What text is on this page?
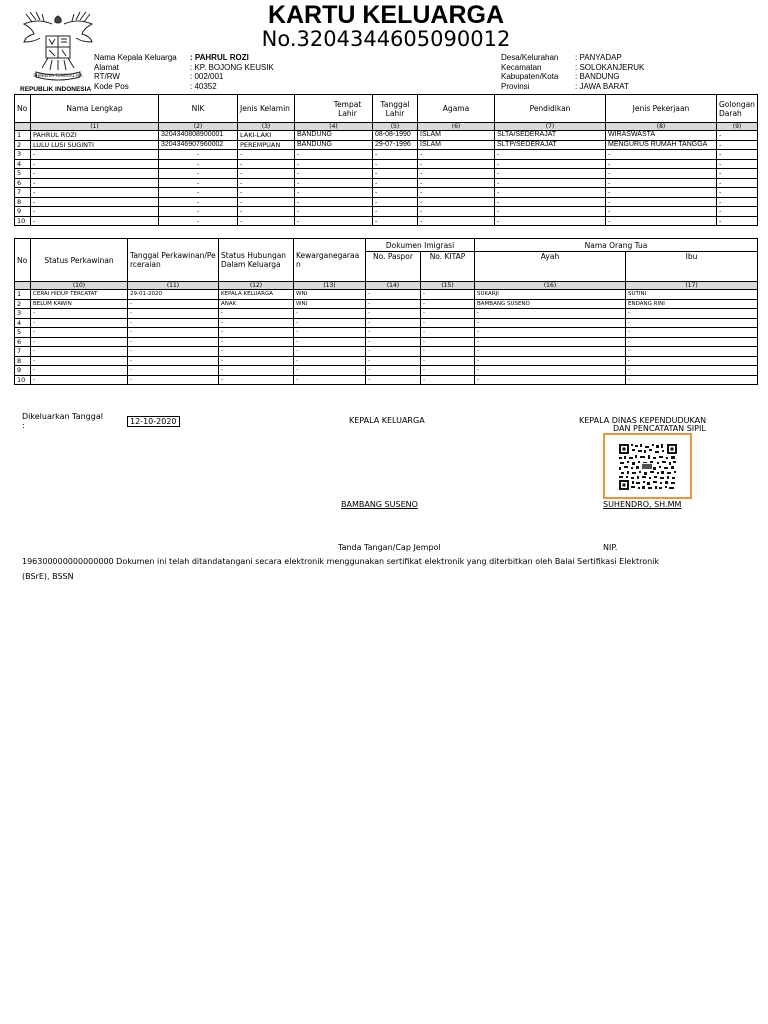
BHINNEKA TUNGGAL IKA
REPUBLIK INDONESIA
KARTU KELUARGA
No.3204344605090012
Nama Kepala Keluarga	: PAHRUL ROZI
Alamat	: KP. BOJONG KEUSIK
RT/RW	: 002/001
Kode Pos	: 40352
Desa/Kelurahan	: PANYADAP
Kecamatan	: SOLOKANJERUK
Kabupaten/Kota	: BANDUNG
Provinsi	: JAWA BARAT
No	Nama Lengkap	NIK	Jenis Kelamin	Tempat Lahir	Tanggal Lahir	Agama	Pendidikan	Jenis Pekerjaan	Golongan Darah
	(1)	(2)	(3)	(4)	(5)	(6)	(7)	(8)	(9)
1	PAHRUL ROZI	3204340808900001	LAKI-LAKI	BANDUNG	08-08-1990	ISLAM	SLTA/SEDERAJAT	WIRASWASTA	-
2	LULU LUSI SUGINTI	3204346907960002	PEREMPUAN	BANDUNG	29-07-1996	ISLAM	SLTP/SEDERAJAT	MENGURUS RUMAH TANGGA	-
3	-	-	-	-	-	-	-	-	-
4	-	-	-	-	-	-	-	-	-
5	-	-	-	-	-	-	-	-	-
6	-	-	-	-	-	-	-	-	-
7	-	-	-	-	-	-	-	-	-
8	-	-	-	-	-	-	-	-	-
9	-	-	-	-	-	-	-	-	-
10	-	-	-	-	-	-	-	-	-
No	Status Perkawinan	Tanggal Perkawinan/Perceraian	Status Hubungan Dalam Keluarga	Kewarganegaraan	Dokumen Imigrasi		Nama Orang Tua	
					No. Paspor	No. KITAP	Ayah	Ibu
	(10)	(11)	(12)	(13)	(14)	(15)	(16)	(17)
1	CERAI HIDUP TERCATAT	29-01-2020	KEPALA KELUARGA	WNI	-	-	SUKARJI	SUTINI
2	BELUM KAWIN	-	ANAK	WNI	-	-	BAMBANG SUSENO	ENDANG RINI
3	-	-	-	-	-	-	-	-
4	-	-	-	-	-	-	-	-
5	-	-	-	-	-	-	-	-
6	-	-	-	-	-	-	-	-
7	-	-	-	-	-	-	-	-
8	-	-	-	-	-	-	-	-
9	-	-	-	-	-	-	-	-
10	-	-	-	-	-	-	-	-
Dikeluarkan Tanggal
:	12-10-2020	KEPALA KELUARGA	KEPALA DINAS KEPENDUDUKAN
DAN PENCATATAN SIPIL
BAMBANG SUSENO	SUHENDRO, SH.MM
Tanda Tangan/Cap Jempol	NIP.
196300000000000000 Dokumen ini telah ditandatangani secara elektronik menggunakan sertifikat elektronik yang diterbitkan oleh Balai Sertifikasi Elektronik
(BSrE), BSSN
